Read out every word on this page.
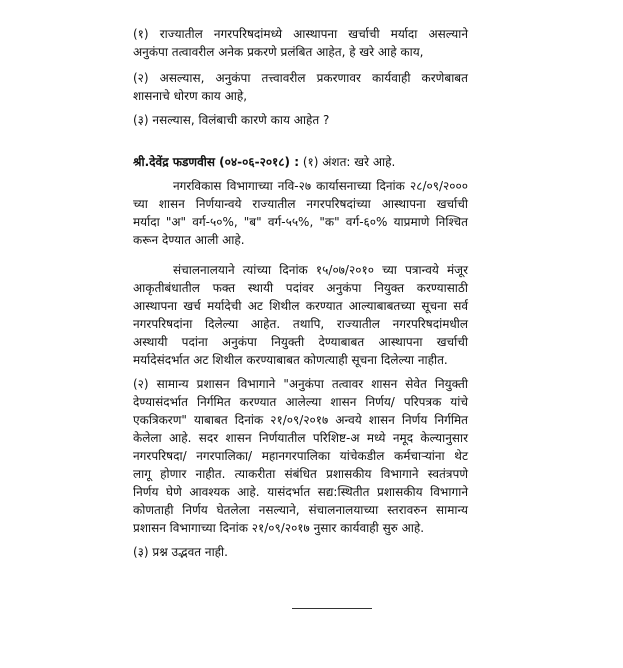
(१) राज्यातील नगरपरिषदांमध्ये आस्थापना खर्चाची मर्यादा असल्याने
अनुकंपा तत्वावरील अनेक प्रकरणे प्रलंबित आहेत, हे खरे आहे काय,
(२) असल्यास, अनुकंपा तत्त्वावरील प्रकरणावर कार्यवाही करणेबाबत
शासनाचे धोरण काय आहे,
(३) नसल्यास, विलंबाची कारणे काय आहेत ?
श्री.देवेंद्र फडणवीस (०४-०६-२०१८) : (१) अंशत: खरे आहे.
नगरविकास विभागाच्या नवि-२७ कार्यासनाच्या दिनांक २८/०९/२०००
च्या शासन निर्णयान्वये राज्यातील नगरपरिषदांच्या आस्थापना खर्चाची
मर्यादा "अ" वर्ग-५०%, "ब" वर्ग-५५%, "क" वर्ग-६०% याप्रमाणे निश्चित
करून देण्यात आली आहे.
संचालनालयाने त्यांच्या दिनांक १५/०७/२०१० च्या पत्रान्वये मंजूर
आकृतीबंधातील फक्त स्थायी पदांवर अनुकंपा नियुक्त करण्यासाठी
आस्थापना खर्च मर्यादेची अट शिथील करण्यात आल्याबाबतच्या सूचना सर्व
नगरपरिषदांना दिलेल्या आहेत. तथापि, राज्यातील नगरपरिषदांमधील
अस्थायी पदांना अनुकंपा नियुक्ती देण्याबाबत आस्थापना खर्चाची
मर्यादेसंदर्भात अट शिथील करण्याबाबत कोणत्याही सूचना दिलेल्या नाहीत.
(२) सामान्य प्रशासन विभागाने "अनुकंपा तत्वावर शासन सेवेत नियुक्ती
देण्यासंदर्भात निर्गमित करण्यात आलेल्या शासन निर्णय/ परिपत्रक यांचे
एकत्रिकरण" याबाबत दिनांक २१/०९/२०१७ अन्वये शासन निर्णय निर्गमित
केलेला आहे. सदर शासन निर्णयातील परिशिष्ट-अ मध्ये नमूद केल्यानुसार
नगरपरिषदा/ नगरपालिका/ महानगरपालिका यांचेकडील कर्मचाऱ्यांना थेट
लागू होणार नाहीत. त्याकरीता संबंधित प्रशासकीय विभागाने स्वतंत्रपणे
निर्णय घेणे आवश्यक आहे. यासंदर्भात सद्य:स्थितीत प्रशासकीय विभागाने
कोणताही निर्णय घेतलेला नसल्याने, संचालनालयाच्या स्तरावरुन सामान्य
प्रशासन विभागाच्या दिनांक २१/०९/२०१७ नुसार कार्यवाही सुरु आहे.
(३) प्रश्न उद्भवत नाही.
